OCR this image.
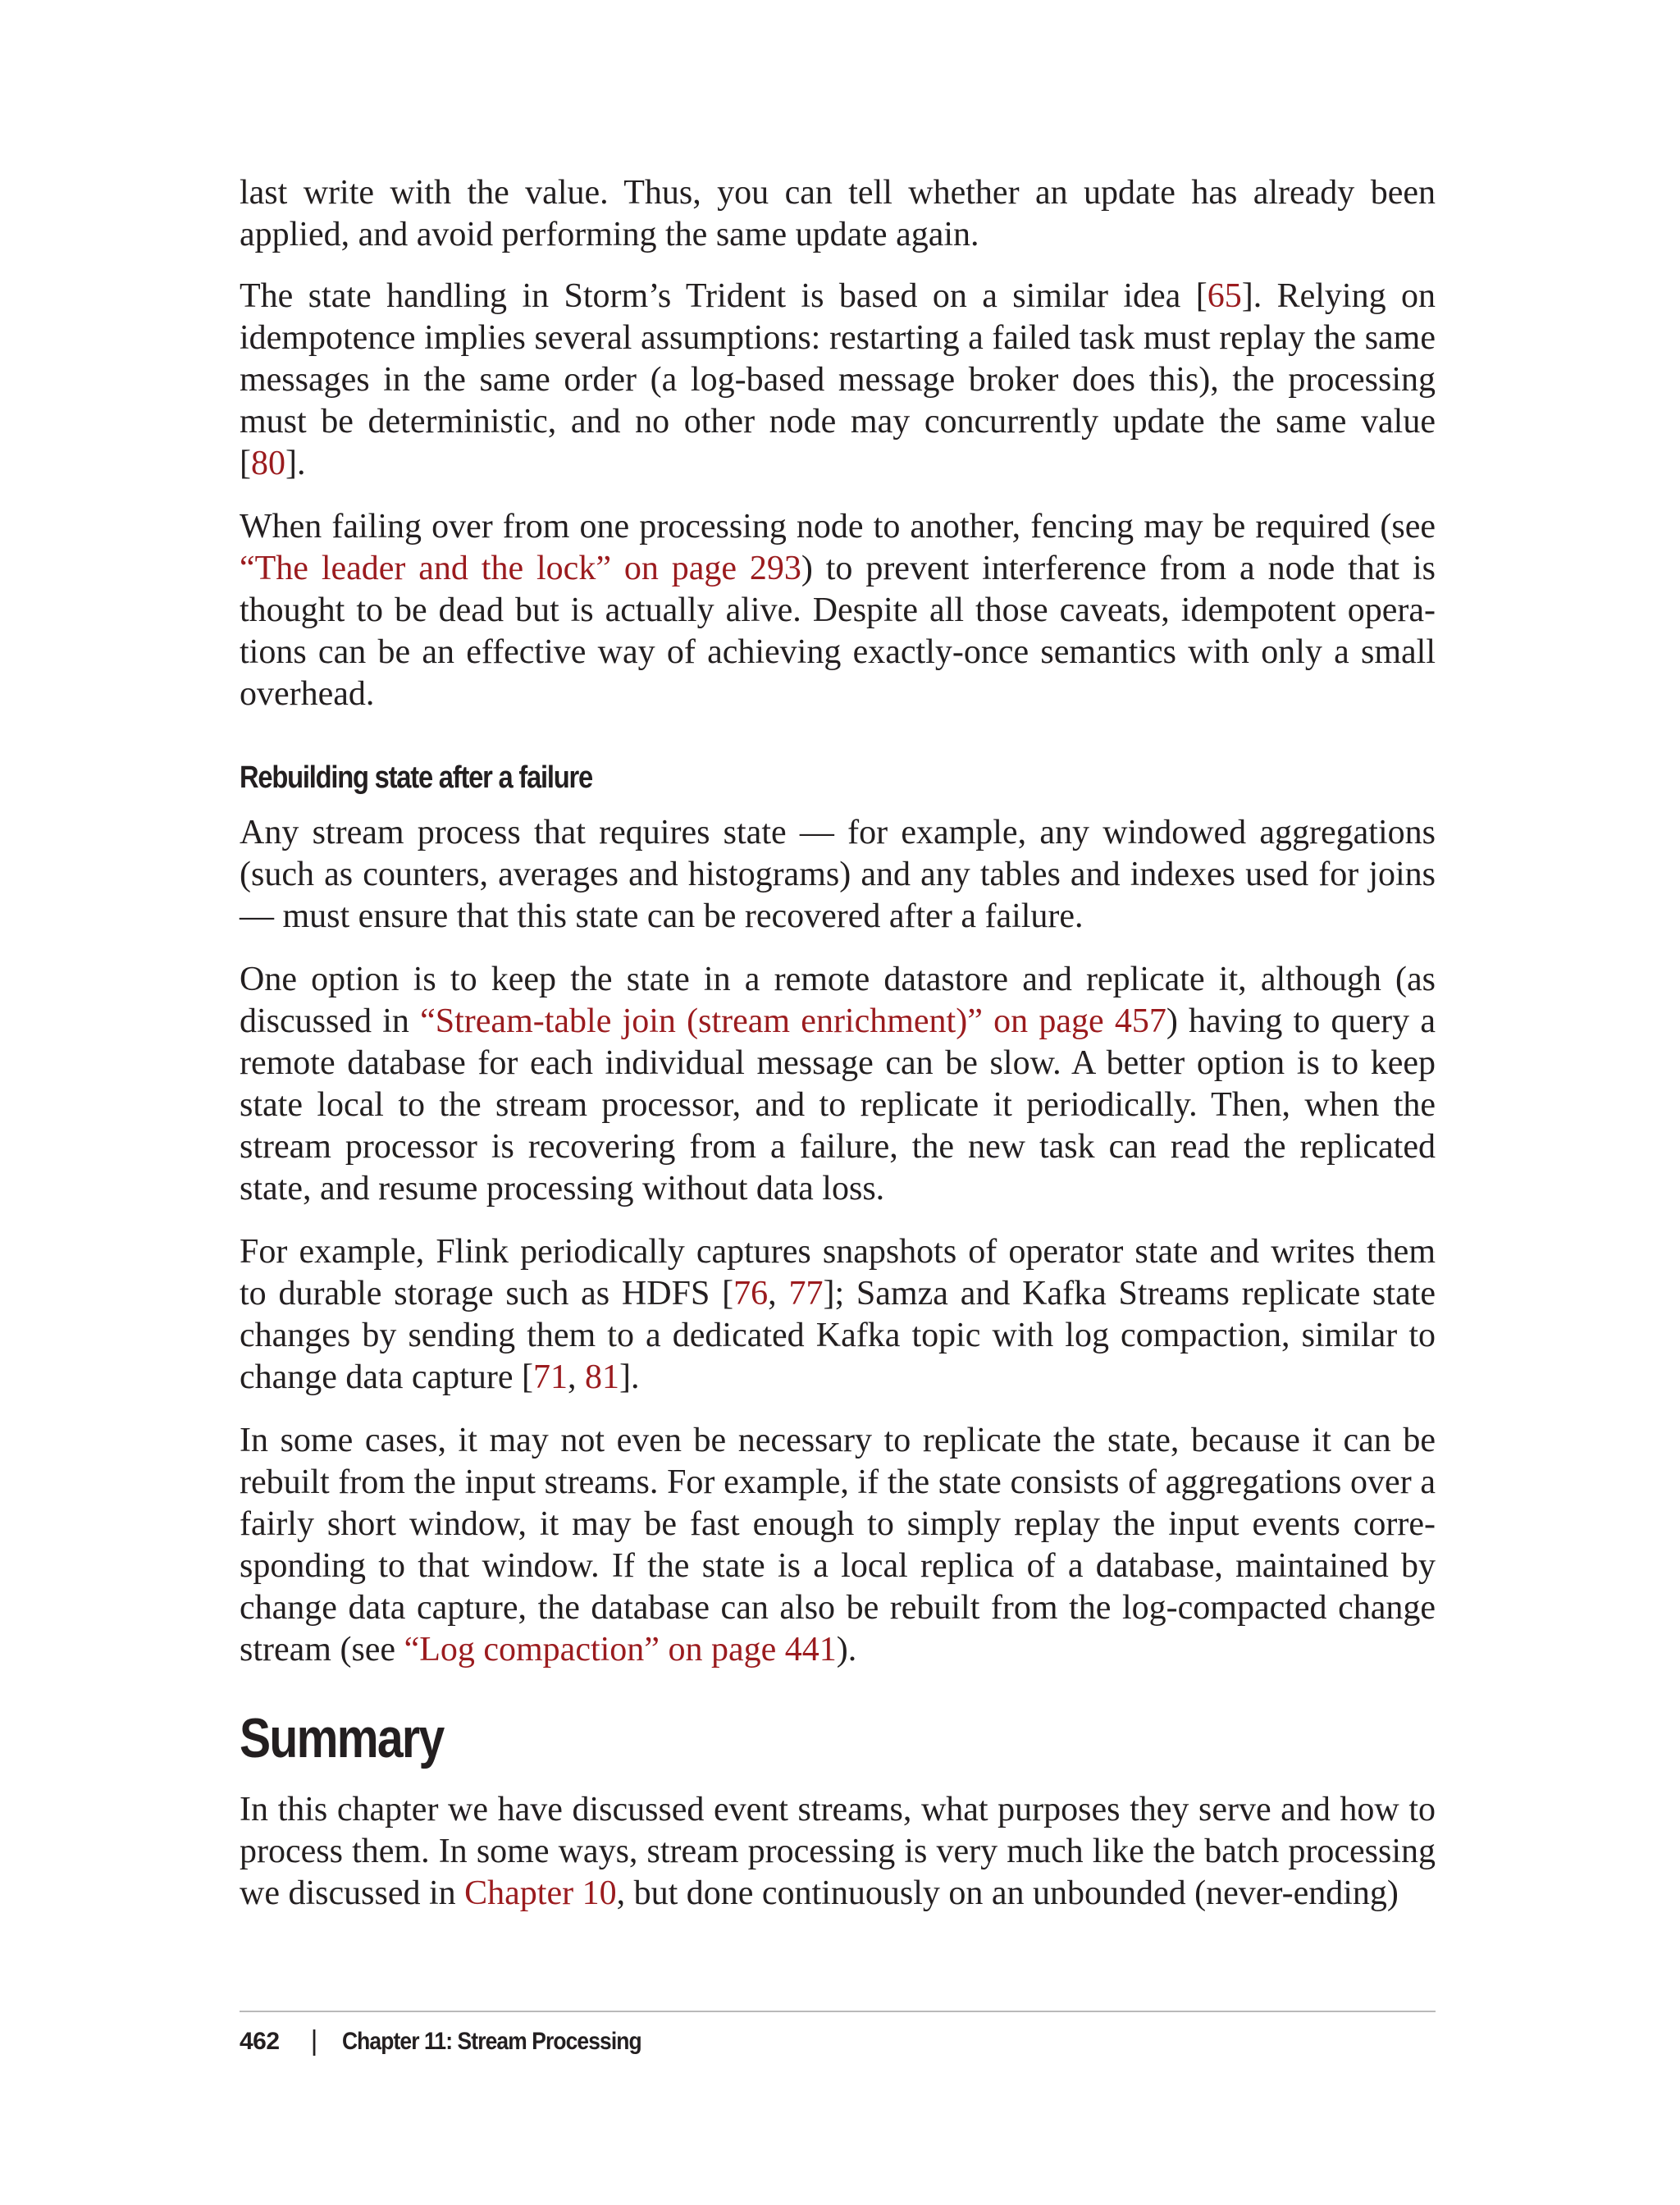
last write with the value. Thus, you can tell whether an update has already been applied, and avoid performing the same update again.

The state handling in Storm’s Trident is based on a similar idea [65]. Relying on idempotence implies several assumptions: restarting a failed task must replay the same messages in the same order (a log-based message broker does this), the processing must be deterministic, and no other node may concurrently update the same value [80].

When failing over from one processing node to another, fencing may be required (see “The leader and the lock” on page 293) to prevent interference from a node that is thought to be dead but is actually alive. Despite all those caveats, idempotent operations can be an effective way of achieving exactly-once semantics with only a small overhead.

Rebuilding state after a failure

Any stream process that requires state — for example, any windowed aggregations (such as counters, averages and histograms) and any tables and indexes used for joins — must ensure that this state can be recovered after a failure.

One option is to keep the state in a remote datastore and replicate it, although (as discussed in “Stream-table join (stream enrichment)” on page 457) having to query a remote database for each individual message can be slow. A better option is to keep state local to the stream processor, and to replicate it periodically. Then, when the stream processor is recovering from a failure, the new task can read the replicated state, and resume processing without data loss.

For example, Flink periodically captures snapshots of operator state and writes them to durable storage such as HDFS [76, 77]; Samza and Kafka Streams replicate state changes by sending them to a dedicated Kafka topic with log compaction, similar to change data capture [71, 81].

In some cases, it may not even be necessary to replicate the state, because it can be rebuilt from the input streams. For example, if the state consists of aggregations over a fairly short window, it may be fast enough to simply replay the input events corresponding to that window. If the state is a local replica of a database, maintained by change data capture, the database can also be rebuilt from the log-compacted change stream (see “Log compaction” on page 441).

Summary

In this chapter we have discussed event streams, what purposes they serve and how to process them. In some ways, stream processing is very much like the batch processing we discussed in Chapter 10, but done continuously on an unbounded (never-ending)

462 | Chapter 11: Stream Processing
